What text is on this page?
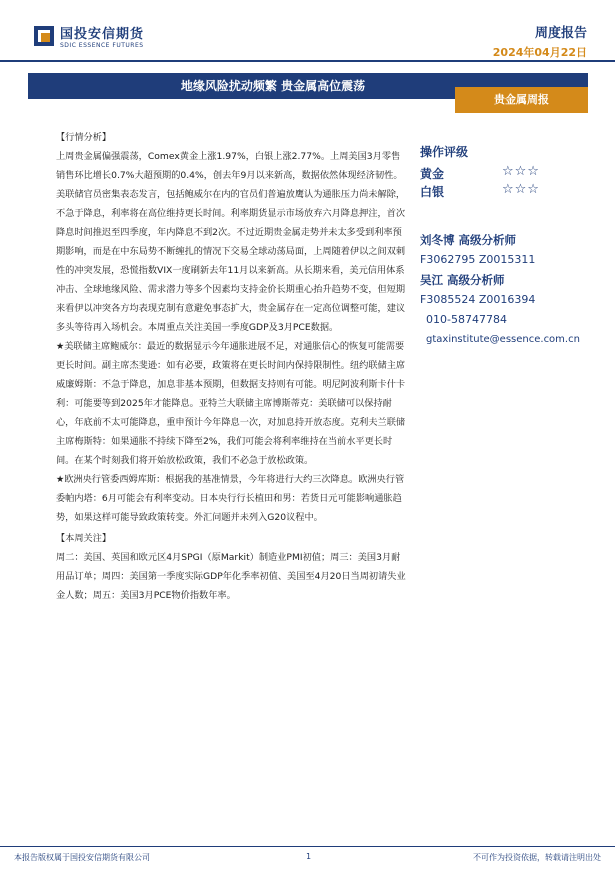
国投安信期货
SDIC ESSENCE FUTURES
周度报告
2024年04月22日
地缘风险扰动频繁 贵金属高位震荡
贵金属周报

【行情分析】

上周贵金属偏强震荡，Comex黄金上涨1.97%，白银上涨2.77%。上周美国3月零售销售环比增长0.7%大超预期的0.4%，创去年9月以来新高，数据依然体现经济韧性。美联储官员密集表态发言，包括鲍威尔在内的官员们普遍放鹰认为通胀压力尚未解除，不急于降息，利率将在高位维持更长时间。利率期货显示市场放弃六月降息押注，首次降息时间推迟至四季度，年内降息不到2次。不过近期贵金属走势并未太多受到利率预期影响，而是在中东局势不断缠扎的情况下交易全球动荡局面，上周随着伊以之间双刺性的冲突发展，恐慌指数VIX一度刷新去年11月以来新高。从长期来看，美元信用体系冲击、全球地缘风险、需求潜力等多个因素均支持金价长期重心抬升趋势不变，但短期来看伊以冲突各方均表现克制有意避免事态扩大，贵金属存在一定高位调整可能，建议多头等待再入场机会。本周重点关注美国一季度GDP及3月PCE数据。

★美联储主席鲍威尔：最近的数据显示今年通胀进展不足，对通胀信心的恢复可能需要更长时间。副主席杰斐逊：如有必要，政策将在更长时间内保持限制性。纽约联储主席威廉姆斯：不急于降息，加息非基本预期，但数据支持则有可能。明尼阿波利斯卡什卡利：可能要等到2025年才能降息。亚特兰大联储主席博斯蒂克：美联储可以保持耐心，年底前不太可能降息，重申预计今年降息一次，对加息持开放态度。克利夫兰联储主席梅斯特：如果通胀不持续下降至2%，我们可能会将利率维持在当前水平更长时间。在某个时刻我们将开始放松政策，我们不必急于放松政策。

★欧洲央行管委西姆库斯：根据我的基准情景，今年将进行大约三次降息。欧洲央行管委帕内塔：6月可能会有利率变动。日本央行行长植田和男：若货日元可能影响通胀趋势，如果这样可能导致政策转变。外汇问题并未列入G20议程中。

【本周关注】

周二：美国、英国和欧元区4月SPGI（原Markit）制造业PMI初值；周三：美国3月耐用品订单；周四：美国第一季度实际GDP年化季率初值、美国至4月20日当周初请失业金人数；周五：美国3月PCE物价指数年率。

操作评级
黄金	☆☆☆
白银	☆☆☆
刘冬博 高级分析师
F3062795 Z0015311
吴江 高级分析师
F3085524 Z0016394
010-58747784
gtaxinstitute@essence.com.cn
本报告版权属于国投安信期货有限公司	1	不可作为投资依据，转载请注明出处
